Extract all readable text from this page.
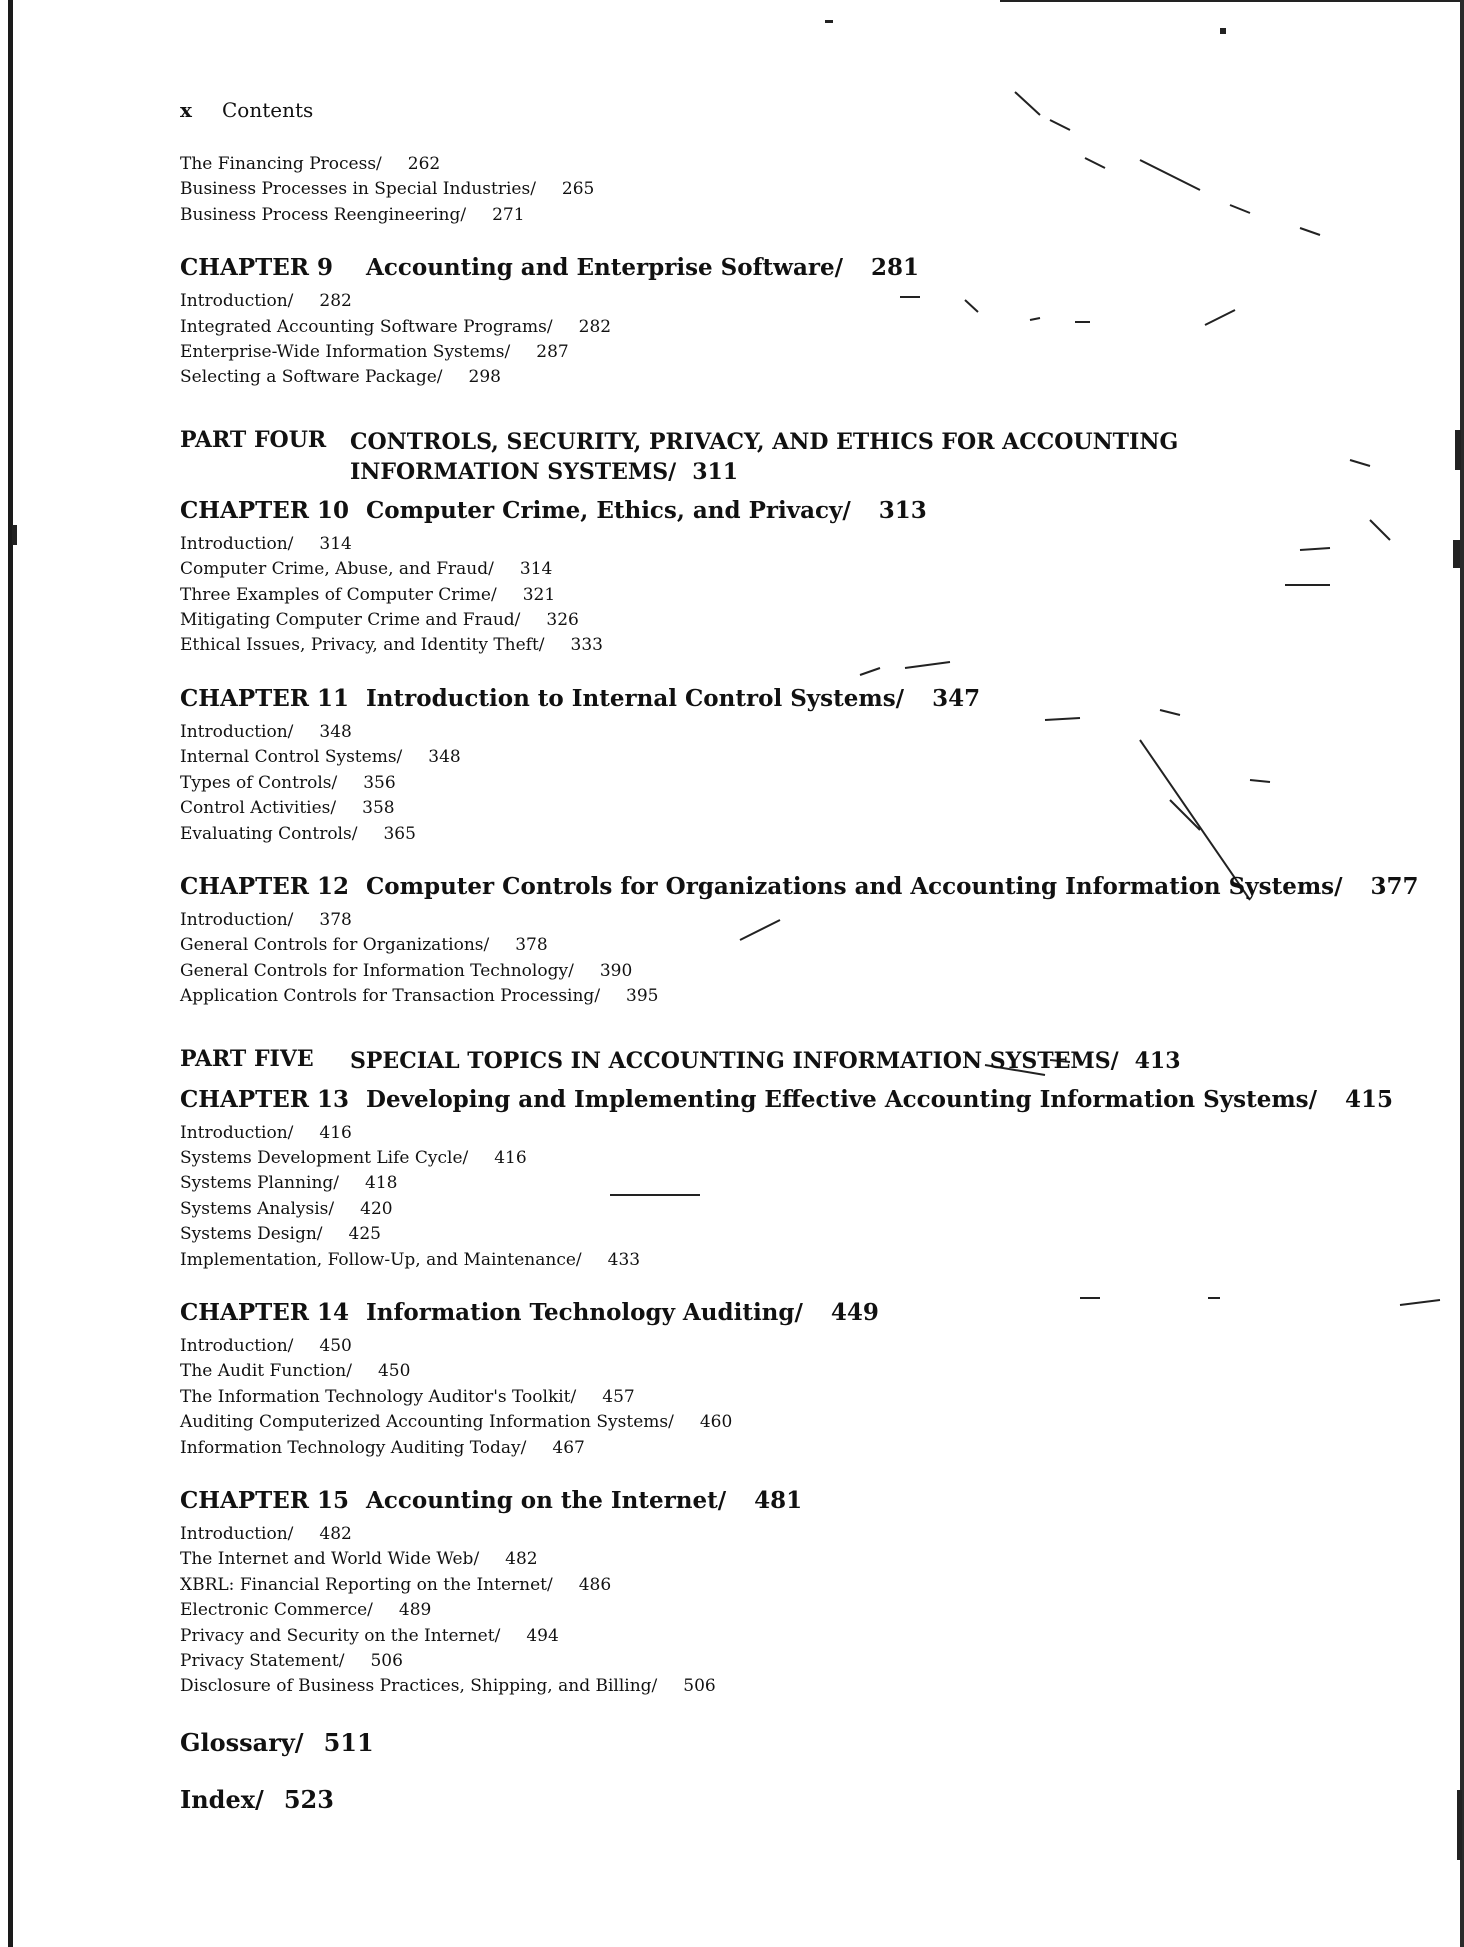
x	Contents
The Financing Process/ 262
Business Processes in Special Industries/ 265
Business Process Reengineering/ 271
CHAPTER 9	Accounting and Enterprise Software/ 281
Introduction/ 282
Integrated Accounting Software Programs/ 282
Enterprise-Wide Information Systems/ 287
Selecting a Software Package/ 298
PART FOUR	CONTROLS, SECURITY, PRIVACY, AND ETHICS FOR ACCOUNTING INFORMATION SYSTEMS/ 311
CHAPTER 10 Computer Crime, Ethics, and Privacy/ 313
Introduction/ 314
Computer Crime, Abuse, and Fraud/ 314
Three Examples of Computer Crime/ 321
Mitigating Computer Crime and Fraud/ 326
Ethical Issues, Privacy, and Identity Theft/ 333
CHAPTER 11 Introduction to Internal Control Systems/ 347
Introduction/ 348
Internal Control Systems/ 348
Types of Controls/ 356
Control Activities/ 358
Evaluating Controls/ 365
CHAPTER 12 Computer Controls for Organizations and Accounting Information Systems/ 377
Introduction/ 378
General Controls for Organizations/ 378
General Controls for Information Technology/ 390
Application Controls for Transaction Processing/ 395
PART FIVE	SPECIAL TOPICS IN ACCOUNTING INFORMATION SYSTEMS/ 413
CHAPTER 13 Developing and Implementing Effective Accounting Information Systems/ 415
Introduction/ 416
Systems Development Life Cycle/ 416
Systems Planning/ 418
Systems Analysis/ 420
Systems Design/ 425
Implementation, Follow-Up, and Maintenance/ 433
CHAPTER 14 Information Technology Auditing/ 449
Introduction/ 450
The Audit Function/ 450
The Information Technology Auditor's Toolkit/ 457
Auditing Computerized Accounting Information Systems/ 460
Information Technology Auditing Today/ 467
CHAPTER 15 Accounting on the Internet/ 481
Introduction/ 482
The Internet and World Wide Web/ 482
XBRL: Financial Reporting on the Internet/ 486
Electronic Commerce/ 489
Privacy and Security on the Internet/ 494
Privacy Statement/ 506
Disclosure of Business Practices, Shipping, and Billing/ 506
Glossary/ 511
Index/ 523
